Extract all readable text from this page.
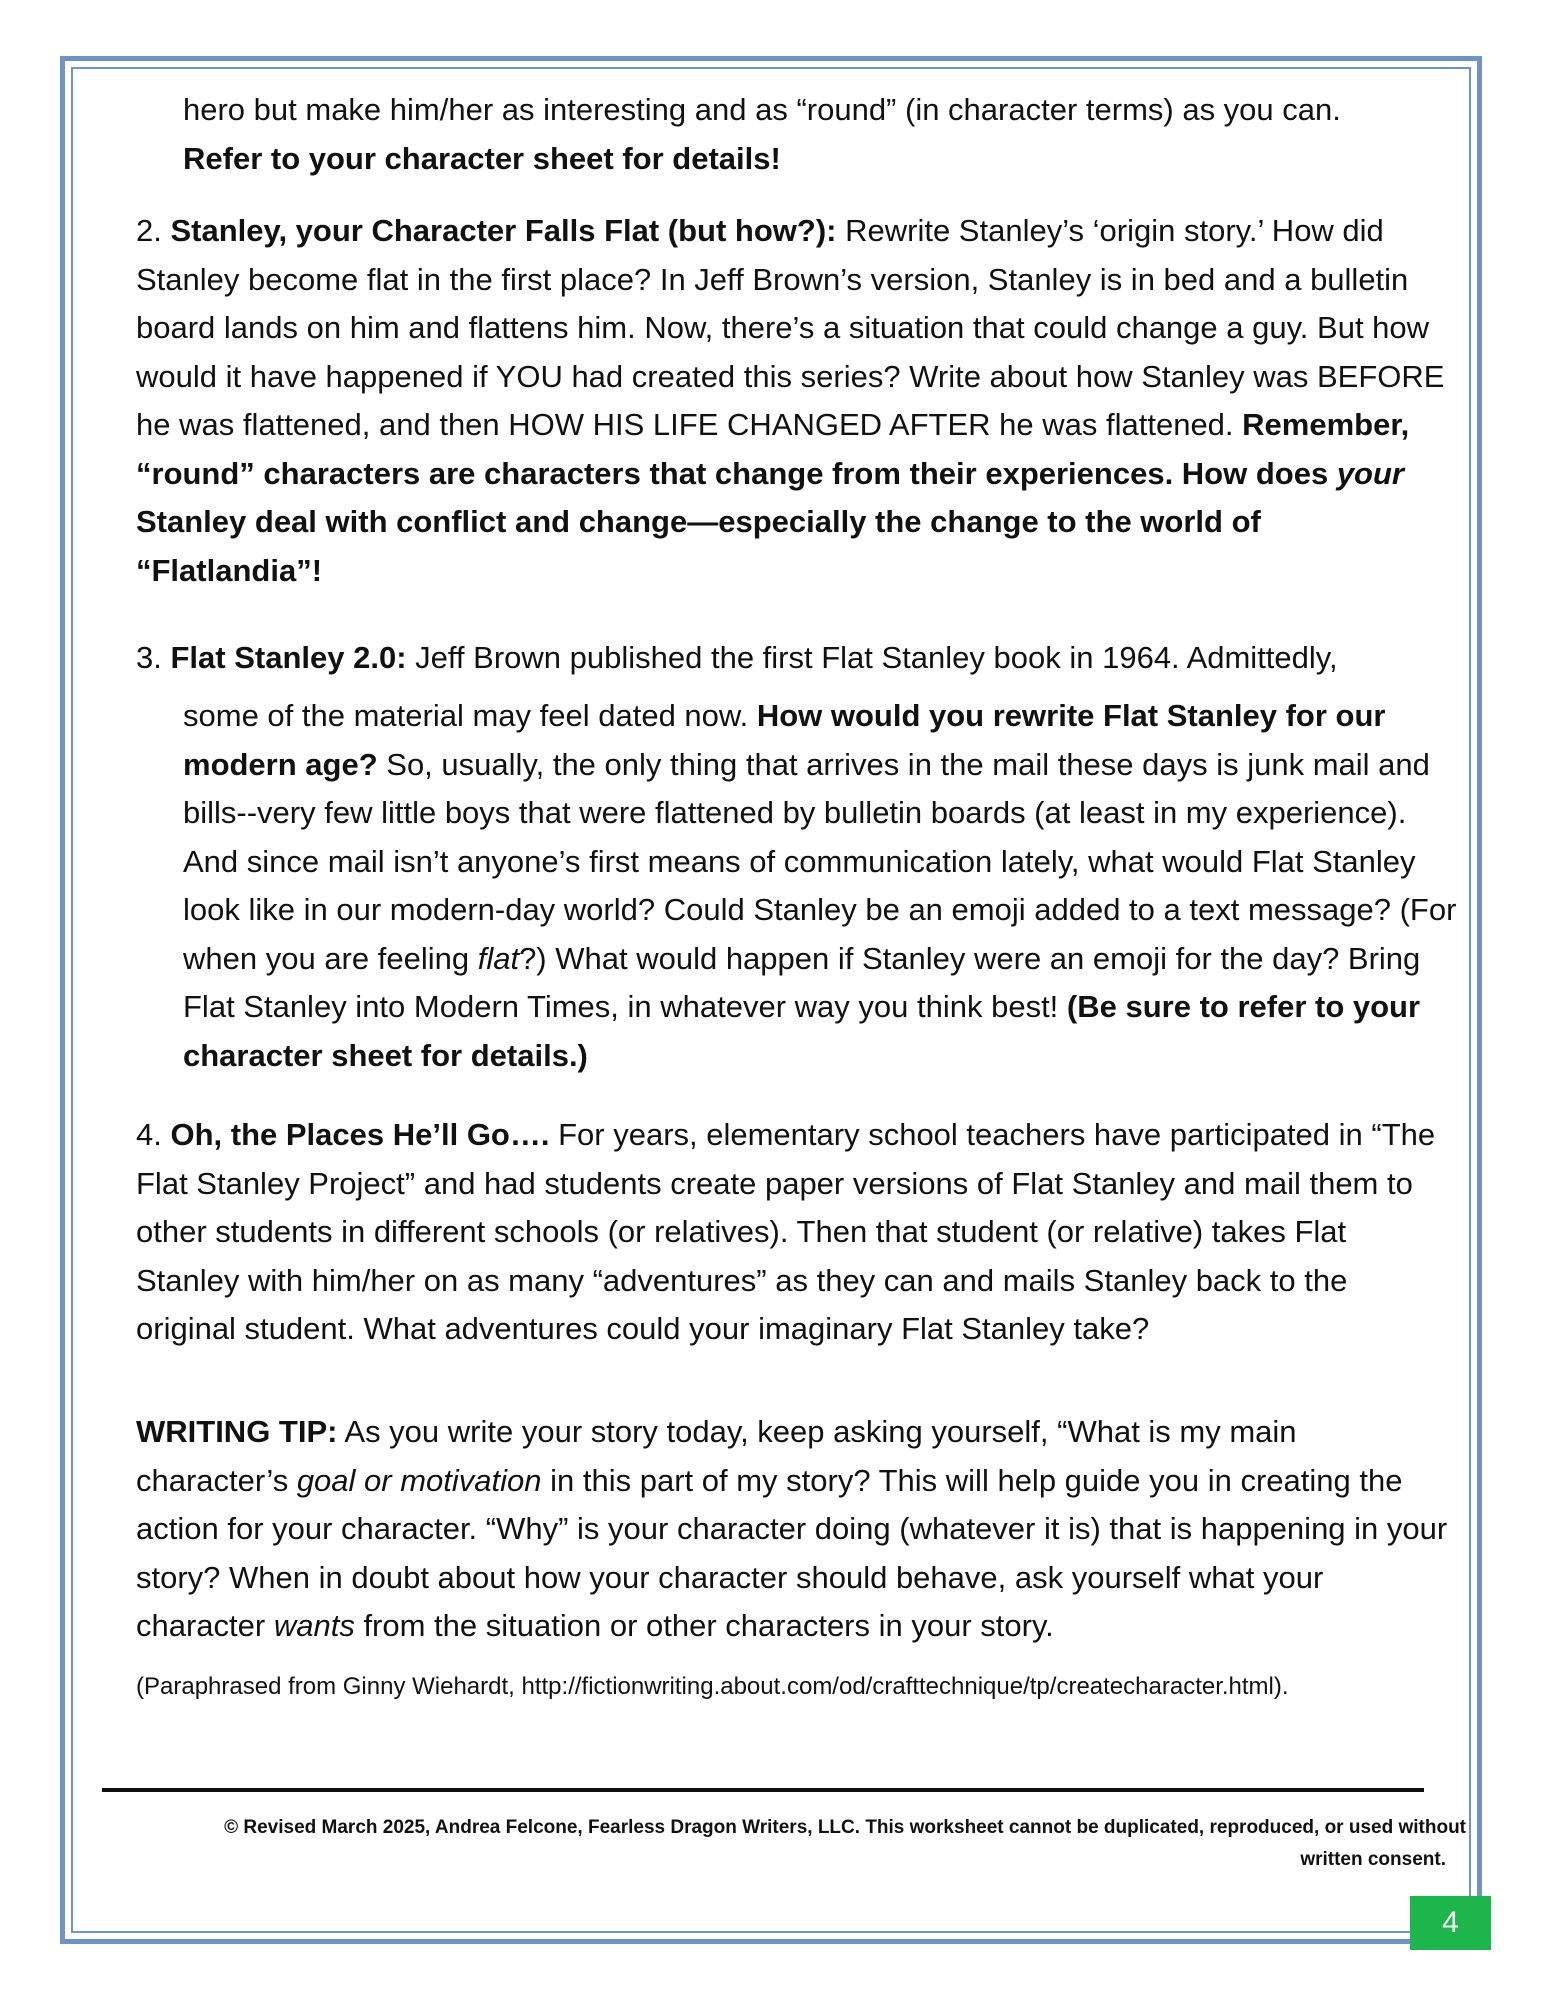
hero but make him/her as interesting and as “round” (in character terms) as you can.
Refer to your character sheet for details!

2. Stanley, your Character Falls Flat (but how?): Rewrite Stanley’s ‘origin story.’ How did Stanley become flat in the first place? In Jeff Brown’s version, Stanley is in bed and a bulletin board lands on him and flattens him. Now, there’s a situation that could change a guy. But how would it have happened if YOU had created this series? Write about how Stanley was BEFORE he was flattened, and then HOW HIS LIFE CHANGED AFTER he was flattened. Remember, “round” characters are characters that change from their experiences. How does your Stanley deal with conflict and change—especially the change to the world of “Flatlandia”!

3. Flat Stanley 2.0: Jeff Brown published the first Flat Stanley book in 1964. Admittedly,

some of the material may feel dated now. How would you rewrite Flat Stanley for our modern age? So, usually, the only thing that arrives in the mail these days is junk mail and bills--very few little boys that were flattened by bulletin boards (at least in my experience). And since mail isn’t anyone’s first means of communication lately, what would Flat Stanley look like in our modern-day world? Could Stanley be an emoji added to a text message? (For when you are feeling flat?) What would happen if Stanley were an emoji for the day? Bring Flat Stanley into Modern Times, in whatever way you think best! (Be sure to refer to your character sheet for details.)

4. Oh, the Places He’ll Go…. For years, elementary school teachers have participated in “The Flat Stanley Project” and had students create paper versions of Flat Stanley and mail them to other students in different schools (or relatives). Then that student (or relative) takes Flat Stanley with him/her on as many “adventures” as they can and mails Stanley back to the original student. What adventures could your imaginary Flat Stanley take?

WRITING TIP: As you write your story today, keep asking yourself, “What is my main character’s goal or motivation in this part of my story? This will help guide you in creating the action for your character. “Why” is your character doing (whatever it is) that is happening in your story? When in doubt about how your character should behave, ask yourself what your character wants from the situation or other characters in your story.

(Paraphrased from Ginny Wiehardt, http://fictionwriting.about.com/od/crafttechnique/tp/createcharacter.html).

© Revised March 2025, Andrea Felcone, Fearless Dragon Writers, LLC. This worksheet cannot be duplicated, reproduced, or used without
written consent.
4
